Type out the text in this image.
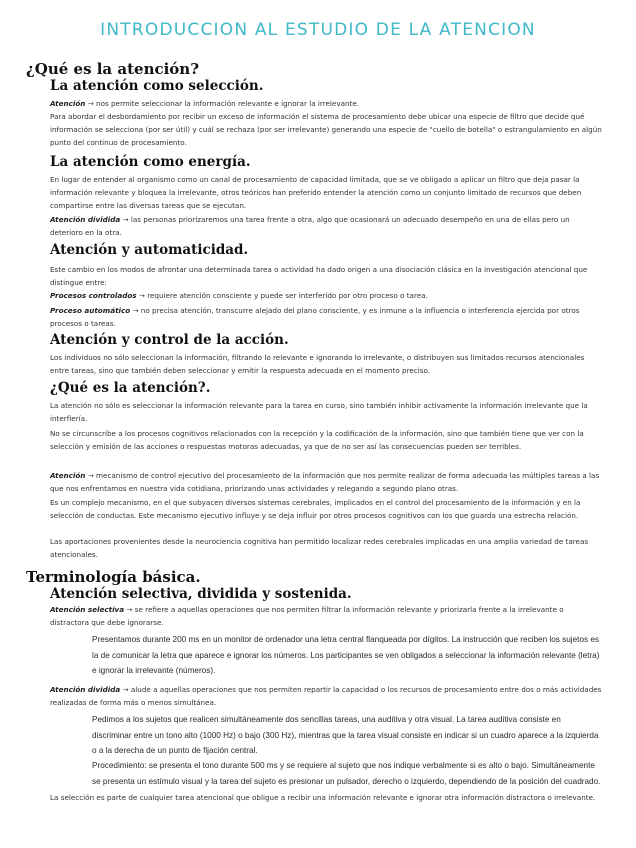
INTRODUCCION AL ESTUDIO DE LA ATENCION
¿Qué es la atención?
La atención como selección.
Atención → nos permite seleccionar la información relevante e ignorar la irrelevante.
Para abordar el desbordamiento por recibir un exceso de información el sistema de procesamiento debe ubicar una especie de filtro que decide qué información se selecciona (por ser útil) y cuál se rechaza (por ser irrelevante) generando una especie de "cuello de botella" o estrangulamiento en algún punto del continuo de procesamiento.
La atención como energía.
En lugar de entender al organismo como un canal de procesamiento de capacidad limitada, que se ve obligado a aplicar un filtro que deja pasar la información relevante y bloquea la irrelevante, otros teóricos han preferido entender la atención como un conjunto limitado de recursos que deben compartirse entre las diversas tareas que se ejecutan.
Atención dividida → las personas priorizaremos una tarea frente a otra, algo que ocasionará un adecuado desempeño en una de ellas pero un deterioro en la otra.
Atención y automaticidad.
Este cambio en los modos de afrontar una determinada tarea o actividad ha dado origen a una disociación clásica en la investigación atencional que distingue entre:
Procesos controlados → requiere atención consciente y puede ser interferido por otro proceso o tarea.
Proceso automático → no precisa atención, transcurre alejado del plano consciente, y es inmune a la influencia o interferencia ejercida por otros procesos o tareas.
Atención y control de la acción.
Los individuos no sólo seleccionan la información, filtrando lo relevante e ignorando lo irrelevante, o distribuyen sus limitados recursos atencionales entre tareas, sino que también deben seleccionar y emitir la respuesta adecuada en el momento preciso.
¿Qué es la atención?.
La atención no sólo es seleccionar la información relevante para la tarea en curso, sino también inhibir activamente la información irrelevante que la interfiería.
No se circunscribe a los procesos cognitivos relacionados con la recepción y la codificación de la información, sino que también tiene que ver con la selección y emisión de las acciones o respuestas motoras adecuadas, ya que de no ser así las consecuencias pueden ser terribles.
Atención → mecanismo de control ejecutivo del procesamiento de la información que nos permite realizar de forma adecuada las múltiples tareas a las que nos enfrentamos en nuestra vida cotidiana, priorizando unas actividades y relegando a segundo plano otras.
Es un complejo mecanismo, en el que subyacen diversos sistemas cerebrales, implicados en el control del procesamiento de la información y en la selección de conductas. Este mecanismo ejecutivo influye y se deja influir por otros procesos cognitivos con los que guarda una estrecha relación.
Las aportaciones provenientes desde la neurociencia cognitiva han permitido localizar redes cerebrales implicadas en una amplia variedad de tareas atencionales.
Terminología básica.
Atención selectiva, dividida y sostenida.
Atención selectiva → se refiere a aquellas operaciones que nos permiten filtrar la información relevante y priorizarla frente a la irrelevante o distractora que debe ignorarse.
Presentamos durante 200 ms en un monitor de ordenador una letra central flanqueada por dígitos. La instrucción que reciben los sujetos es la de comunicar la letra que aparece e ignorar los números. Los participantes se ven obligados a seleccionar la información relevante (letra) e ignorar la irrelevante (números).
Atención dividida → alude a aquellas operaciones que nos permiten repartir la capacidad o los recursos de procesamiento entre dos o más actividades realizadas de forma más o menos simultánea.
Pedimos a los sujetos que realicen simultáneamente dos sencillas tareas, una auditiva y otra visual. La tarea auditiva consiste en discriminar entre un tono alto (1000 Hz) o bajo (300 Hz), mientras que la tarea visual consiste en indicar si un cuadro aparece a la izquierda o a la derecha de un punto de fijación central.
Procedimiento: se presenta el tono durante 500 ms y se requiere al sujeto que nos indique verbalmente si es alto o bajo. Simultáneamente se presenta un estímulo visual y la tarea del sujeto es presionar un pulsador, derecho o izquierdo, dependiendo de la posición del cuadrado.
La selección es parte de cualquier tarea atencional que obligue a recibir una información relevante e ignorar otra información distractora o irrelevante.
